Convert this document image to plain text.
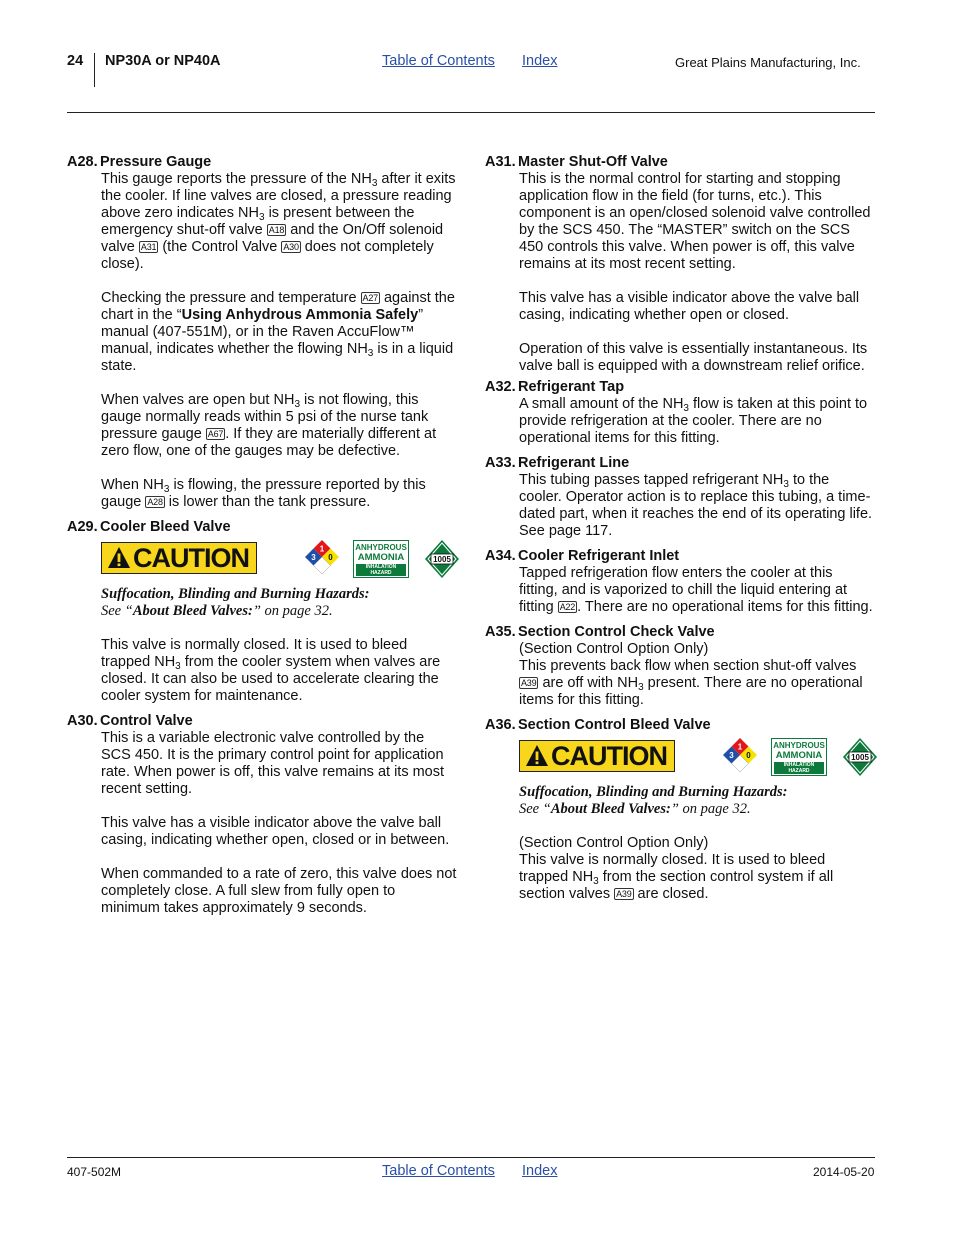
24 NP30A or NP40A	Table of Contents Index	Great Plains Manufacturing, Inc.
A28. Pressure Gauge

This gauge reports the pressure of the $NH_3$ after it exits the cooler. If line valves are closed, a pressure reading above zero indicates $NH_3$ is present between the emergency shut-off valve A18 and the On/Off solenoid valve A31 (the Control Valve A30 does not completely close).

Checking the pressure and temperature A27 against the chart in the “Using Anhydrous Ammonia Safely” manual (407-551M), or in the Raven AccuFlow™ manual, indicates whether the flowing $NH_3$ is in a liquid state.

When valves are open but $NH_3$ is not flowing, this gauge normally reads within 5 psi of the nurse tank pressure gauge A67 . If they are materially different at zero flow, one of the gauges may be defective.

When $NH_3$ is flowing, the pressure reported by this gauge A28 is lower than the tank pressure.

A29. Cooler Bleed Valve
CAUTION	1
3 0
ANHYDROUS
AMMONIA
INHALATION HAZARD
1005
Suffocation, Blinding and Burning Hazards:
See “About Bleed Valves:” on page 32.

This valve is normally closed. It is used to bleed trapped $NH_3$ from the cooler system when valves are closed. It can also be used to accelerate clearing the cooler system for maintenance.

A30. Control Valve

This is a variable electronic valve controlled by the SCS 450. It is the primary control point for application rate. When power is off, this valve remains at its most recent setting.

This valve has a visible indicator above the valve ball casing, indicating whether open, closed or in between.

When commanded to a rate of zero, this valve does not completely close. A full slew from fully open to minimum takes approximately 9 seconds.

A31. Master Shut-Off Valve

This is the normal control for starting and stopping application flow in the field (for turns, etc.). This component is an open/closed solenoid valve controlled by the SCS 450. The “MASTER” switch on the SCS 450 controls this valve. When power is off, this valve remains at its most recent setting.

This valve has a visible indicator above the valve ball casing, indicating whether open or closed.

Operation of this valve is essentially instantaneous. Its valve ball is equipped with a downstream relief orifice.

A32. Refrigerant Tap

A small amount of the $NH_3$ flow is taken at this point to provide refrigeration at the cooler. There are no operational items for this fitting.

A33. Refrigerant Line

This tubing passes tapped refrigerant $NH_3$ to the cooler. Operator action is to replace this tubing, a time-dated part, when it reaches the end of its operating life. See page 117.

A34. Cooler Refrigerant Inlet

Tapped refrigeration flow enters the cooler at this fitting, and is vaporized to chill the liquid entering at fitting A22 . There are no operational items for this fitting.

A35. Section Control Check Valve
(Section Control Option Only)

This prevents back flow when section shut-off valves A39 are off with $NH_3$ present. There are no operational items for this fitting.

A36. Section Control Bleed Valve
CAUTION	1
3 0
ANHYDROUS
AMMONIA
INHALATION HAZARD
1005
Suffocation, Blinding and Burning Hazards:
See “About Bleed Valves:” on page 32.
(Section Control Option Only)

This valve is normally closed. It is used to bleed trapped $NH_3$ from the section control system if all section valves A39 are closed.

407-502M	Table of Contents Index	2014-05-20
